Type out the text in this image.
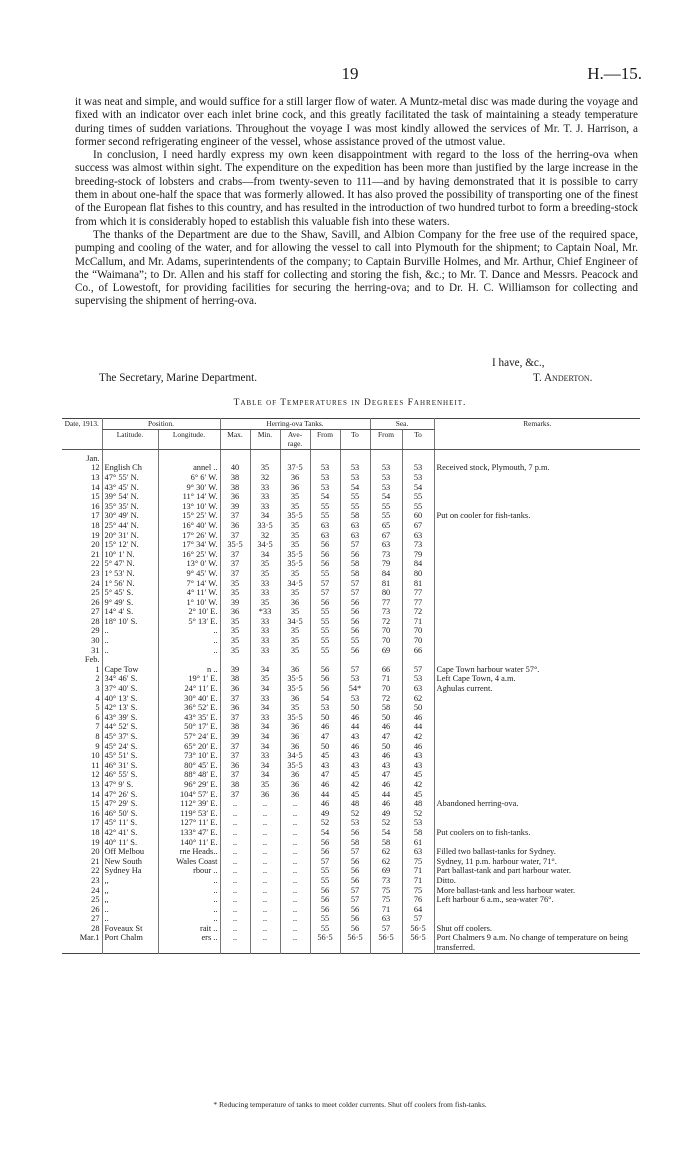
19	H.—15.

it was neat and simple, and would suffice for a still larger flow of water. A Muntz-metal disc was made during the voyage and fixed with an indicator over each inlet brine cock, and this greatly facilitated the task of maintaining a steady temperature during times of sudden variations. Throughout the voyage I was most kindly allowed the services of Mr. T. J. Harrison, a former second refrigerating engineer of the vessel, whose assistance proved of the utmost value.

In conclusion, I need hardly express my own keen disappointment with regard to the loss of the herring-ova when success was almost within sight. The expenditure on the expedition has been more than justified by the large increase in the breeding-stock of lobsters and crabs—from twenty-seven to 111—and by having demonstrated that it is possible to carry them in about one-half the space that was formerly allowed. It has also proved the possibility of transporting one of the finest of the European flat fishes to this country, and has resulted in the introduction of two hundred turbot to form a breeding-stock from which it is considerably hoped to establish this valuable fish into these waters.

The thanks of the Department are due to the Shaw, Savill, and Albion Company for the free use of the required space, pumping and cooling of the water, and for allowing the vessel to call into Plymouth for the shipment; to Captain Noal, Mr. McCallum, and Mr. Adams, superintendents of the company; to Captain Burville Holmes, and Mr. Arthur, Chief Engineer of the “Waimana”; to Dr. Allen and his staff for collecting and storing the fish, &c.; to Mr. T. Dance and Messrs. Peacock and Co., of Lowestoft, for providing facilities for securing the herring-ova; and to Dr. H. C. Williamson for collecting and supervising the shipment of herring-ova.

I have, &c.,
The Secretary, Marine Department.	T. Anderton.
Table of Temperatures in Degrees Fahrenheit.
Date, 1913.	Position.		Herring-ova Tanks.					Sea.		Remarks.
	Latitude.	Longitude.	Max.	Min.	Ave- rage.	From	To	From	To	

Jan.										
12	English Ch	annel ..	40	35	37·5	53	53	53	53	Received stock, Plymouth, 7 p.m.
13	47° 55′ N.	6° 6′ W.	38	32	36	53	53	53	53	
14	43° 45′ N.	9° 30′ W.	38	33	36	53	54	53	54	
15	39° 54′ N.	11° 14′ W.	36	33	35	54	55	54	55	
16	35° 35′ N.	13° 10′ W.	39	33	35	55	55	55	55	
17	30° 49′ N.	15° 25′ W.	37	34	35·5	55	58	55	60	Put on cooler for fish-tanks.
18	25° 44′ N.	16° 40′ W.	36	33·5	35	63	63	65	67	
19	20° 31′ N.	17° 26′ W.	37	32	35	63	63	67	63	
20	15° 12′ N.	17° 34′ W.	35·5	34·5	35	56	57	63	73	
21	10° 1′ N.	16° 25′ W.	37	34	35·5	56	56	73	79	
22	5° 47′ N.	13° 0′ W.	37	35	35·5	56	58	79	84	
23	1° 53′ N.	9° 45′ W.	37	35	35	55	58	84	80	
24	1° 56′ N.	7° 14′ W.	35	33	34·5	57	57	81	81	
25	5° 45′ S.	4° 11′ W.	35	33	35	57	57	80	77	
26	9° 49′ S.	1° 10′ W.	39	35	36	56	56	77	77	
27	14° 4′ S.	2° 10′ E.	36	*33	35	55	56	73	72	
28	18° 10′ S.	5° 13′ E.	35	33	34·5	55	56	72	71	
29	..	..	35	33	35	55	56	70	70	
30	..	..	35	33	35	55	55	70	70	
31	..	..	35	33	35	55	56	69	66	
Feb.										
1	Cape Tow	n ..	39	34	36	56	57	66	57	Cape Town harbour water 57°.
2	34° 46′ S.	19° 1′ E.	38	35	35·5	56	53	71	53	Left Cape Town, 4 a.m.
3	37° 40′ S.	24° 11′ E.	36	34	35·5	56	54*	70	63	Aghulas current.
4	40° 13′ S.	30° 40′ E.	37	33	36	54	53	72	62	
5	42° 13′ S.	36° 52′ E.	36	34	35	53	50	58	50	
6	43° 39′ S.	43° 35′ E.	37	33	35·5	50	46	50	46	
7	44° 52′ S.	50° 17′ E.	38	34	36	46	44	46	44	
8	45° 37′ S.	57° 24′ E.	39	34	36	47	43	47	42	
9	45° 24′ S.	65° 20′ E.	37	34	36	50	46	50	46	
10	45° 51′ S.	73° 10′ E.	37	33	34·5	45	43	46	43	
11	46° 31′ S.	80° 45′ E.	36	34	35·5	43	43	43	43	
12	46° 55′ S.	88° 48′ E.	37	34	36	47	45	47	45	
13	47° 9′ S.	96° 29′ E.	38	35	36	46	42	46	42	
14	47° 26′ S.	104° 57′ E.	37	36	36	44	45	44	45	
15	47° 29′ S.	112° 39′ E.	..	..	..	46	48	46	48	Abandoned herring-ova.
16	46° 50′ S.	119° 53′ E.	..	..	..	49	52	49	52	
17	45° 11′ S.	127° 11′ E.	..	..	..	52	53	52	53	
18	42° 41′ S.	133° 47′ E.	..	..	..	54	56	54	58	Put coolers on to fish-tanks.
19	40° 11′ S.	140° 11′ E.	..	..	..	56	58	58	61	
20	Off Melbou	rne Heads..	..	..	..	56	57	62	63	Filled two ballast-tanks for Sydney.
21	New South	Wales Coast	..	..	..	57	56	62	75	Sydney, 11 p.m. harbour water, 71°.
22	Sydney Ha	rbour ..	..	..	..	55	56	69	71	Part ballast-tank and part harbour water.
23	,,	..	..	..	..	55	56	73	71	Ditto.
24	,,	..	..	..	..	56	57	75	75	More ballast-tank and less harbour water.
25	,,	..	..	..	..	56	57	75	76	Left harbour 6 a.m., sea-water 76°.
26	..	..	..	..	..	56	56	71	64	
27	..	..	..	..	..	55	56	63	57	
28	Foveaux St	rait ..	..	..	..	55	56	57	56·5	Shut off coolers.
Mar.1	Port Chalm	ers ..	..	..	..	56·5	56·5	56·5	56·5	Port Chalmers 9 a.m. No change of temperature on being transferred.
* Reducing temperature of tanks to meet colder currents. Shut off coolers from fish-tanks.
